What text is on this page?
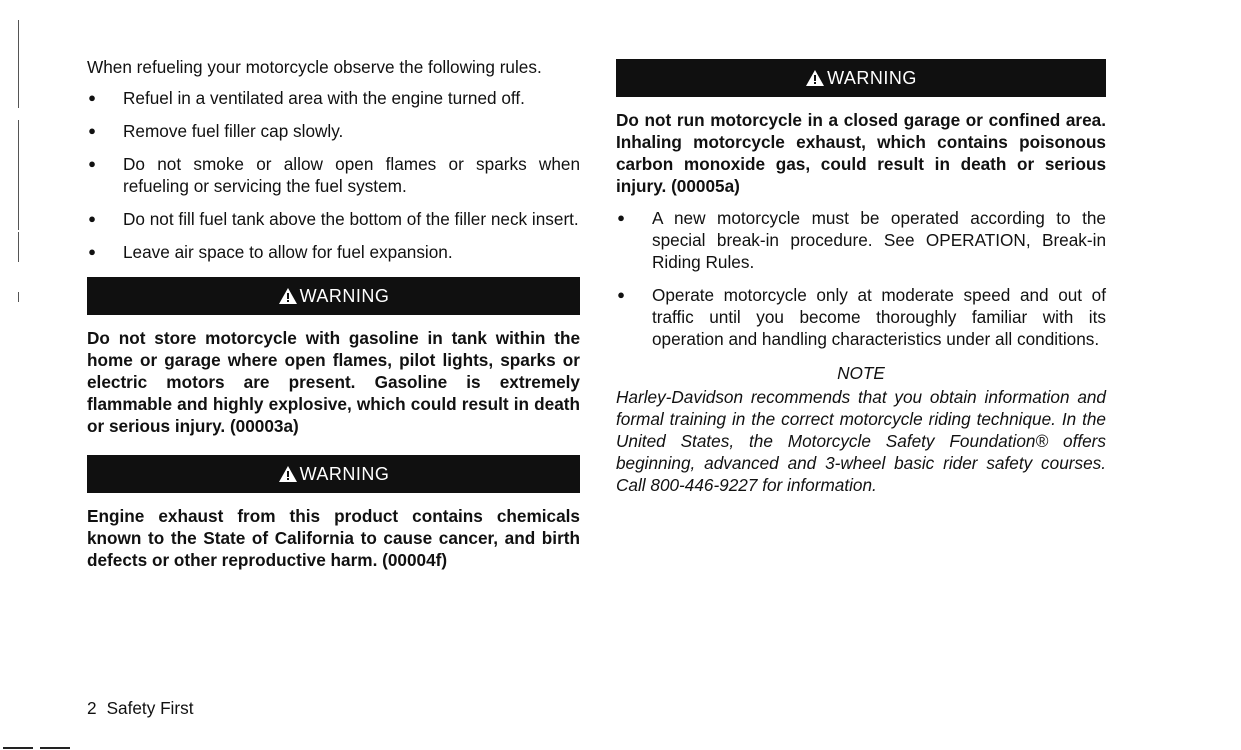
When refueling your motorcycle observe the following rules.

● Refuel in a ventilated area with the engine turned off.
● Remove fuel filler cap slowly.
● Do not smoke or allow open flames or sparks when refueling or servicing the fuel system.
● Do not fill fuel tank above the bottom of the filler neck insert.
● Leave air space to allow for fuel expansion.
WARNING

Do not store motorcycle with gasoline in tank within the home or garage where open flames, pilot lights, sparks or electric motors are present. Gasoline is extremely flammable and highly explosive, which could result in death or serious injury. (00003a)

WARNING

Engine exhaust from this product contains chemicals known to the State of California to cause cancer, and birth defects or other reproductive harm. (00004f)

WARNING

Do not run motorcycle in a closed garage or confined area. Inhaling motorcycle exhaust, which contains poisonous carbon monoxide gas, could result in death or serious injury. (00005a)

● A new motorcycle must be operated according to the special break-in procedure. See OPERATION, Break-in Riding Rules.
● Operate motorcycle only at moderate speed and out of traffic until you become thoroughly familiar with its operation and handling characteristics under all conditions.

NOTE

Harley-Davidson recommends that you obtain information and formal training in the correct motorcycle riding technique. In the United States, the Motorcycle Safety Foundation® offers beginning, advanced and 3-wheel basic rider safety courses. Call 800-446-9227 for information.

2 Safety First
